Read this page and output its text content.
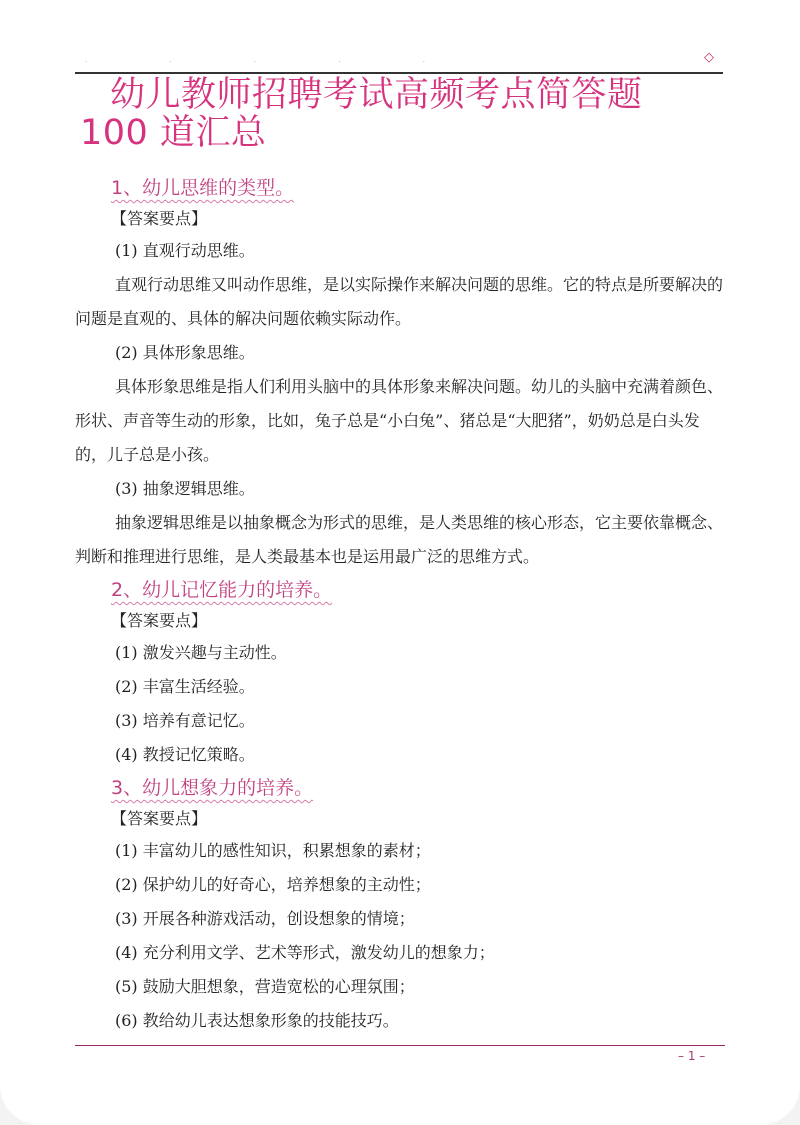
· · · · ·	◇
幼儿教师招聘考试高频考点简答题
100 道汇总
1、幼儿思维的类型。
【答案要点】
(1) 直观行动思维。

直观行动思维又叫动作思维，是以实际操作来解决问题的思维。它的特点是所要解决的问题是直观的、具体的解决问题依赖实际动作。

(2) 具体形象思维。

具体形象思维是指人们利用头脑中的具体形象来解决问题。幼儿的头脑中充满着颜色、形状、声音等生动的形象，比如，兔子总是“小白兔”、猪总是“大肥猪”，奶奶总是白头发的，儿子总是小孩。

(3) 抽象逻辑思维。

抽象逻辑思维是以抽象概念为形式的思维，是人类思维的核心形态，它主要依靠概念、判断和推理进行思维，是人类最基本也是运用最广泛的思维方式。

2、幼儿记忆能力的培养。
【答案要点】
(1) 激发兴趣与主动性。
(2) 丰富生活经验。
(3) 培养有意记忆。
(4) 教授记忆策略。
3、幼儿想象力的培养。
【答案要点】
(1) 丰富幼儿的感性知识，积累想象的素材；
(2) 保护幼儿的好奇心，培养想象的主动性；
(3) 开展各种游戏活动，创设想象的情境；
(4) 充分利用文学、艺术等形式，激发幼儿的想象力；
(5) 鼓励大胆想象，营造宽松的心理氛围；
(6) 教给幼儿表达想象形象的技能技巧。
– 1 –
